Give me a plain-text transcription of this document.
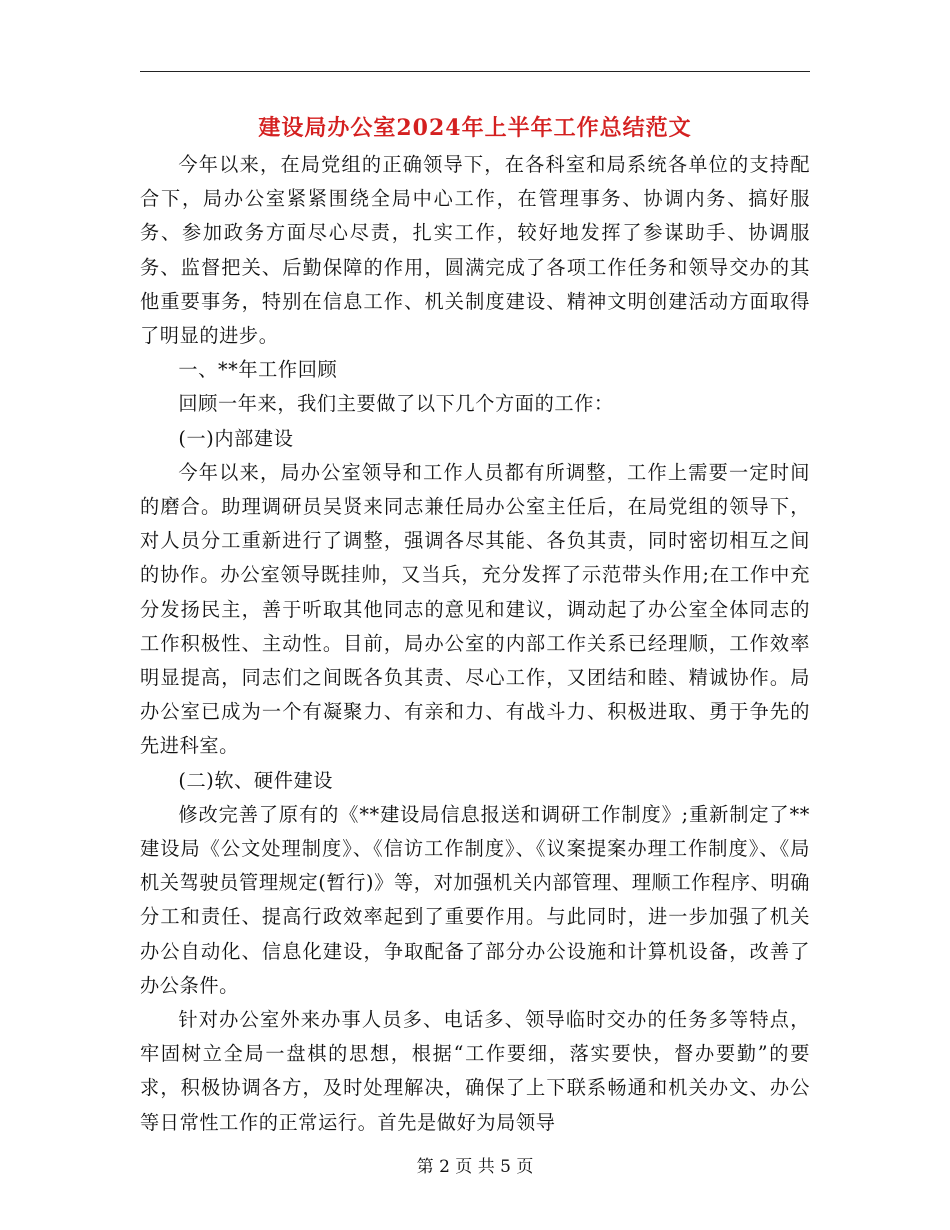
建设局办公室2024年上半年工作总结范文

今年以来，在局党组的正确领导下，在各科室和局系统各单位的支持配合下，局办公室紧紧围绕全局中心工作，在管理事务、协调内务、搞好服务、参加政务方面尽心尽责，扎实工作，较好地发挥了参谋助手、协调服务、监督把关、后勤保障的作用，圆满完成了各项工作任务和领导交办的其他重要事务，特别在信息工作、机关制度建设、精神文明创建活动方面取得了明显的进步。

一、**年工作回顾

回顾一年来，我们主要做了以下几个方面的工作：

(一)内部建设

今年以来，局办公室领导和工作人员都有所调整，工作上需要一定时间的磨合。助理调研员吴贤来同志兼任局办公室主任后，在局党组的领导下，对人员分工重新进行了调整，强调各尽其能、各负其责，同时密切相互之间的协作。办公室领导既挂帅，又当兵，充分发挥了示范带头作用;在工作中充分发扬民主，善于听取其他同志的意见和建议，调动起了办公室全体同志的工作积极性、主动性。目前，局办公室的内部工作关系已经理顺，工作效率明显提高，同志们之间既各负其责、尽心工作，又团结和睦、精诚协作。局办公室已成为一个有凝聚力、有亲和力、有战斗力、积极进取、勇于争先的先进科室。

(二)软、硬件建设

修改完善了原有的《**建设局信息报送和调研工作制度》;重新制定了**建设局《公文处理制度》、《信访工作制度》、《议案提案办理工作制度》、《局机关驾驶员管理规定(暂行)》等，对加强机关内部管理、理顺工作程序、明确分工和责任、提高行政效率起到了重要作用。与此同时，进一步加强了机关办公自动化、信息化建设，争取配备了部分办公设施和计算机设备，改善了办公条件。

针对办公室外来办事人员多、电话多、领导临时交办的任务多等特点，牢固树立全局一盘棋的思想，根据“工作要细，落实要快，督办要勤”的要求，积极协调各方，及时处理解决，确保了上下联系畅通和机关办文、办公等日常性工作的正常运行。首先是做好为局领导

第 2 页 共 5 页
